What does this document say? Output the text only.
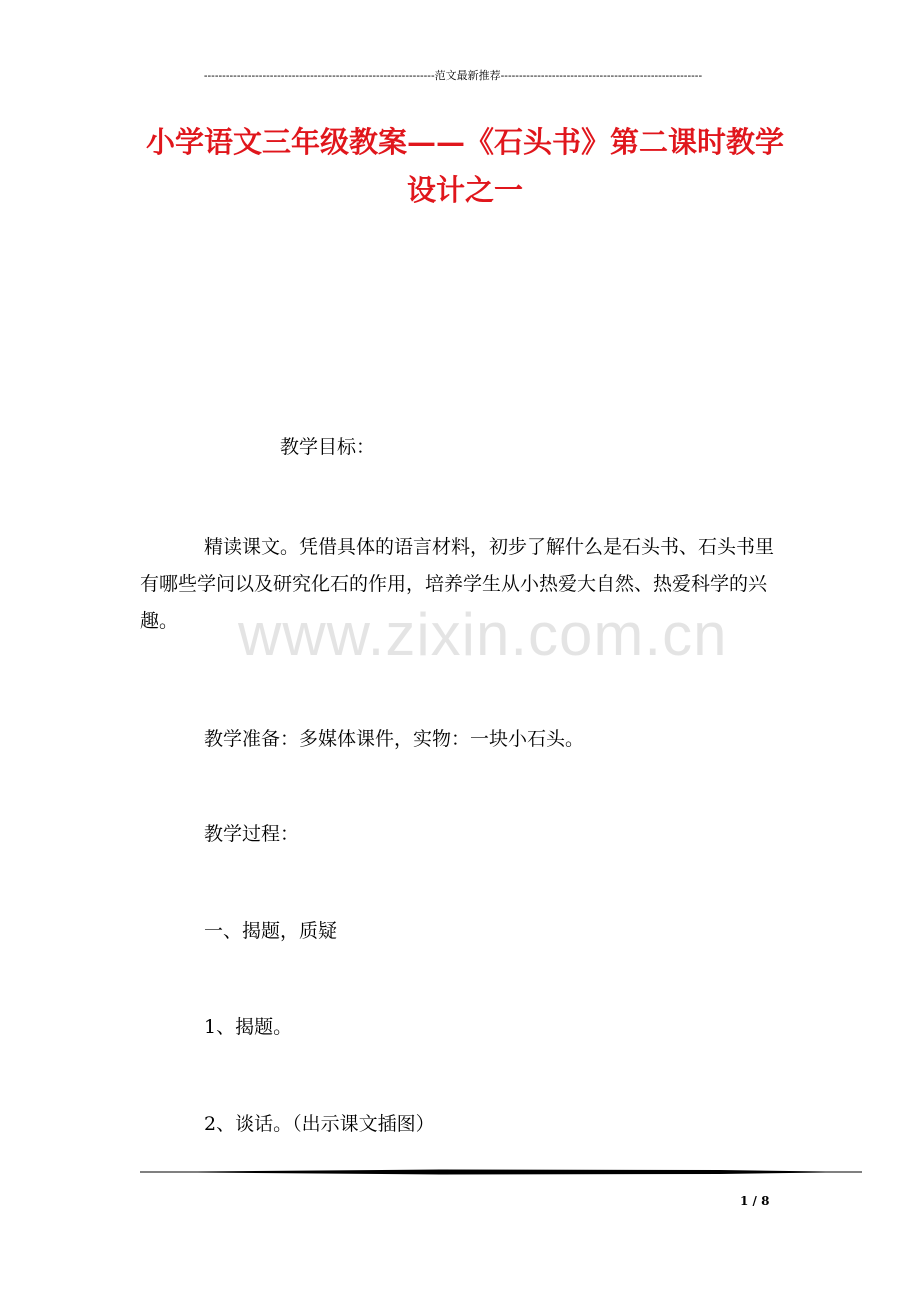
---------------------------------------------------------------范文最新推荐-------------------------------------------------------
小学语文三年级教案——《石头书》第二课时教学设计之一
教学目标：
精读课文。凭借具体的语言材料，初步了解什么是石头书、石头书里有哪些学问以及研究化石的作用，培养学生从小热爱大自然、热爱科学的兴趣。
教学准备：多媒体课件，实物：一块小石头。
教学过程：
一、揭题，质疑
1、揭题。
2、谈话。（出示课文插图）
www.zixin.com.cn
1 / 8
